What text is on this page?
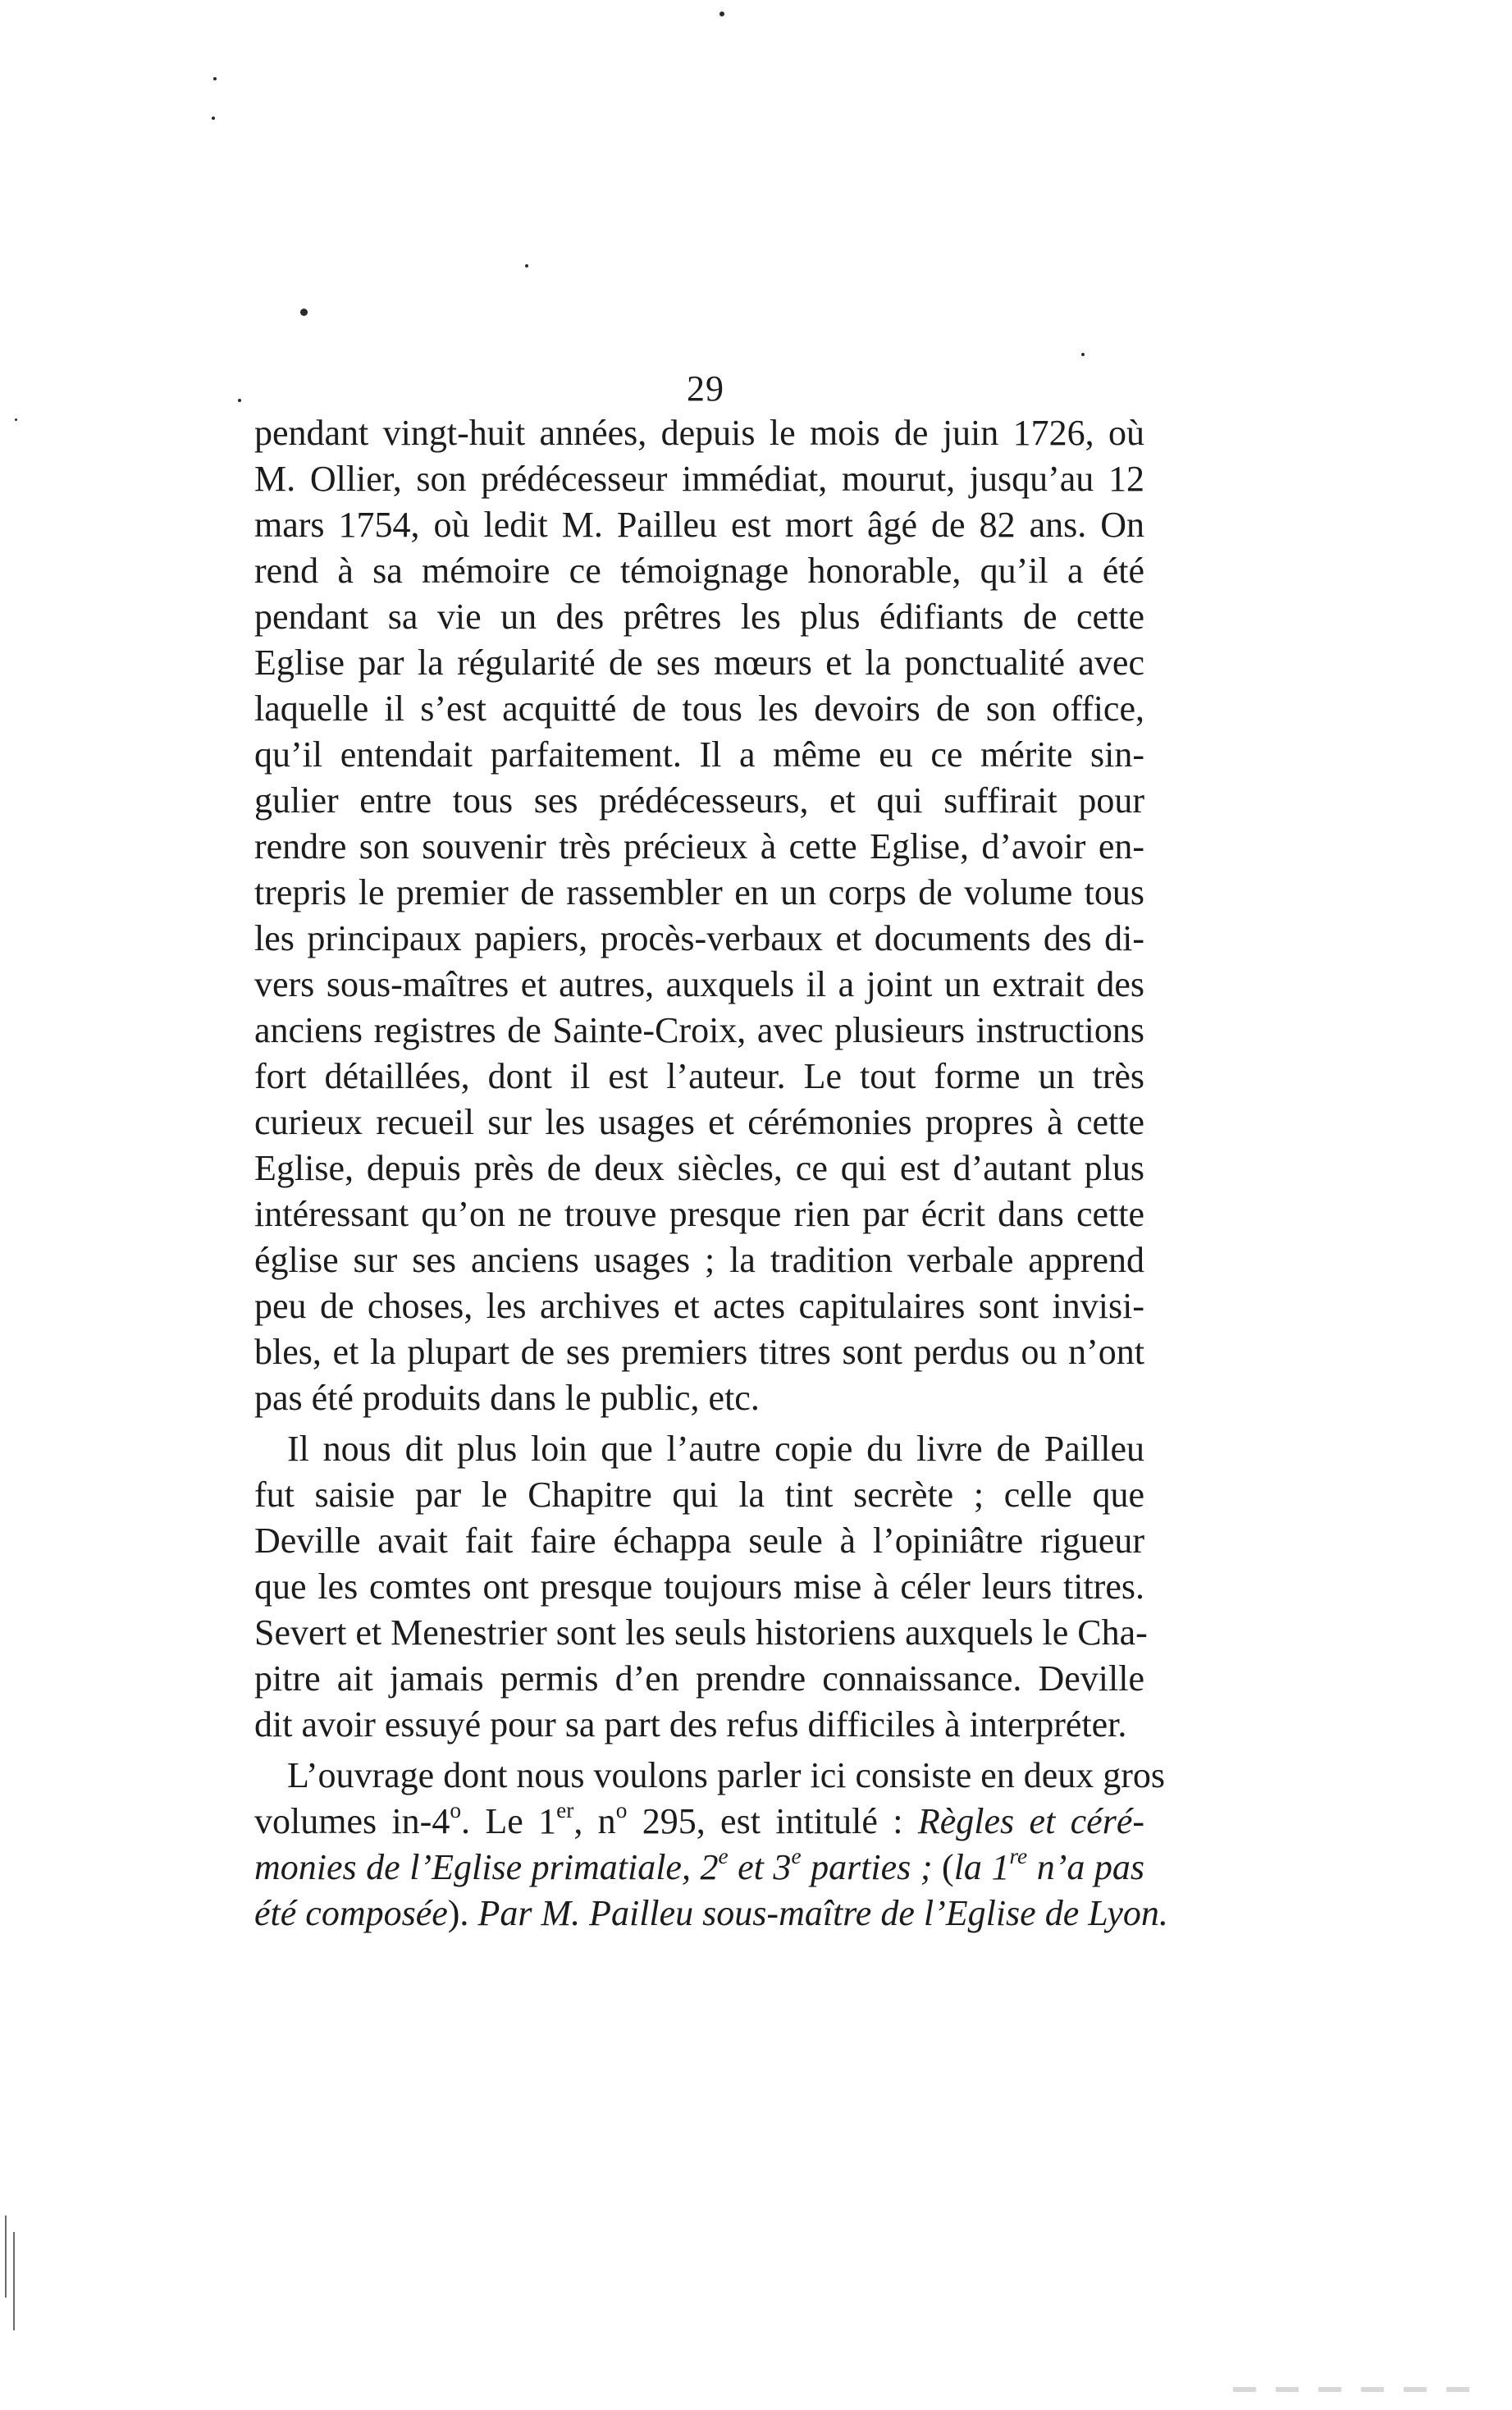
29
pendant vingt-huit années, depuis le mois de juin 1726, où
M. Ollier, son prédécesseur immédiat, mourut, jusqu’au 12
mars 1754, où ledit M. Pailleu est mort âgé de 82 ans. On
rend à sa mémoire ce témoignage honorable, qu’il a été
pendant sa vie un des prêtres les plus édifiants de cette
Eglise par la régularité de ses mœurs et la ponctualité avec
laquelle il s’est acquitté de tous les devoirs de son office,
qu’il entendait parfaitement. Il a même eu ce mérite sin-
gulier entre tous ses prédécesseurs, et qui suffirait pour
rendre son souvenir très précieux à cette Eglise, d’avoir en-
trepris le premier de rassembler en un corps de volume tous
les principaux papiers, procès-verbaux et documents des di-
vers sous-maîtres et autres, auxquels il a joint un extrait des
anciens registres de Sainte-Croix, avec plusieurs instructions
fort détaillées, dont il est l’auteur. Le tout forme un très
curieux recueil sur les usages et cérémonies propres à cette
Eglise, depuis près de deux siècles, ce qui est d’autant plus
intéressant qu’on ne trouve presque rien par écrit dans cette
église sur ses anciens usages ; la tradition verbale apprend
peu de choses, les archives et actes capitulaires sont invisi-
bles, et la plupart de ses premiers titres sont perdus ou n’ont
pas été produits dans le public, etc.
Il nous dit plus loin que l’autre copie du livre de Pailleu
fut saisie par le Chapitre qui la tint secrète ; celle que
Deville avait fait faire échappa seule à l’opiniâtre rigueur
que les comtes ont presque toujours mise à céler leurs titres.
Severt et Menestrier sont les seuls historiens auxquels le Cha-
pitre ait jamais permis d’en prendre connaissance. Deville
dit avoir essuyé pour sa part des refus difficiles à interpréter.
L’ouvrage dont nous voulons parler ici consiste en deux gros
volumes in-4$^o$. Le 1er, $n^o$ 295, est intitulé : Règles et céré-
monies de l’Eglise primatiale, 2e et 3e parties ; (la 1re n’a pas
été composée). Par M. Pailleu sous-maître de l’Eglise de Lyon.
